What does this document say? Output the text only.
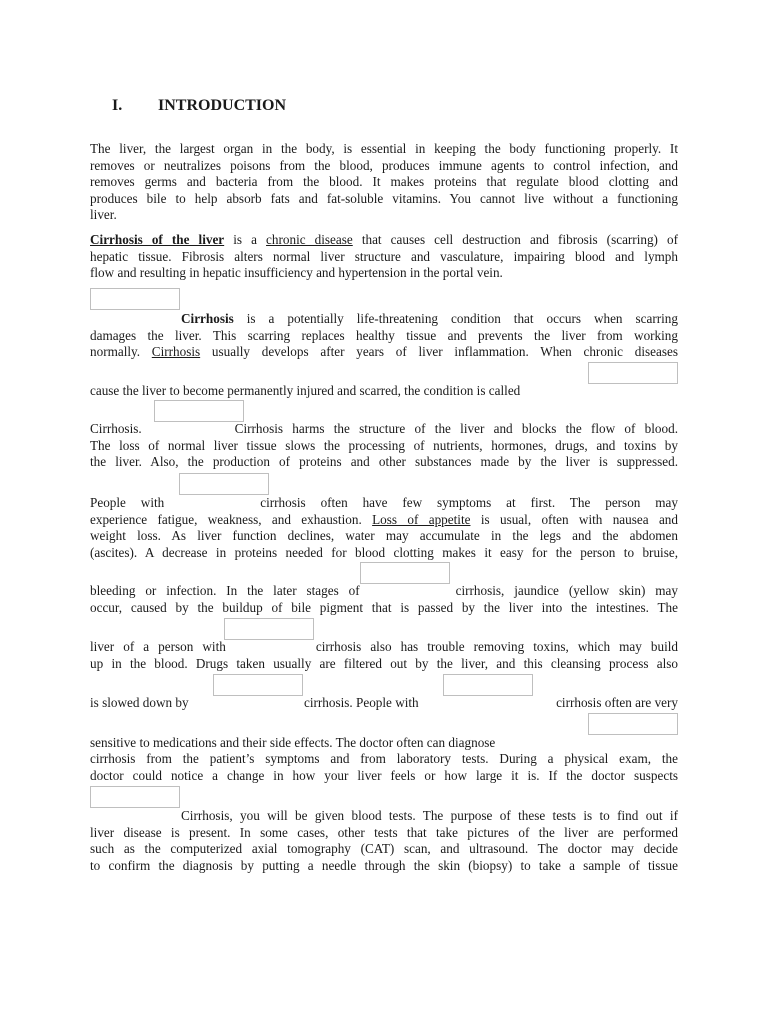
I. INTRODUCTION
The liver, the largest organ in the body, is essential in keeping the body functioning properly. It
removes or neutralizes poisons from the blood, produces immune agents to control infection, and
removes germs and bacteria from the blood. It makes proteins that regulate blood clotting and
produces bile to help absorb fats and fat-soluble vitamins. You cannot live without a functioning
liver.
Cirrhosis of the liver is a chronic disease that causes cell destruction and fibrosis (scarring) of
hepatic tissue. Fibrosis alters normal liver structure and vasculature, impairing blood and lymph
flow and resulting in hepatic insufficiency and hypertension in the portal vein.
Cirrhosis is a potentially life-threatening condition that occurs when scarring
damages the liver. This scarring replaces healthy tissue and prevents the liver from working
normally. Cirrhosis usually develops after years of liver inflammation. When chronic diseases
cause the liver to become permanently injured and scarred, the condition is called
Cirrhosis.	Cirrhosis harms the structure of the liver and blocks the flow of blood.
The loss of normal liver tissue slows the processing of nutrients, hormones, drugs, and toxins by
the liver. Also, the production of proteins and other substances made by the liver is suppressed.
People with	cirrhosis often have few symptoms at first. The person may
experience fatigue, weakness, and exhaustion. Loss of appetite is usual, often with nausea and
weight loss. As liver function declines, water may accumulate in the legs and the abdomen
(ascites). A decrease in proteins needed for blood clotting makes it easy for the person to bruise,
bleeding or infection. In the later stages of	cirrhosis, jaundice (yellow skin) may
occur, caused by the buildup of bile pigment that is passed by the liver into the intestines. The
liver of a person with	cirrhosis also has trouble removing toxins, which may build
up in the blood. Drugs taken usually are filtered out by the liver, and this cleansing process also
is slowed down by	cirrhosis. People with	cirrhosis often are very
sensitive to medications and their side effects. The doctor often can diagnose
cirrhosis from the patient’s symptoms and from laboratory tests. During a physical exam, the
doctor could notice a change in how your liver feels or how large it is. If the doctor suspects
Cirrhosis, you will be given blood tests. The purpose of these tests is to find out if
liver disease is present. In some cases, other tests that take pictures of the liver are performed
such as the computerized axial tomography (CAT) scan, and ultrasound. The doctor may decide
to confirm the diagnosis by putting a needle through the skin (biopsy) to take a sample of tissue
